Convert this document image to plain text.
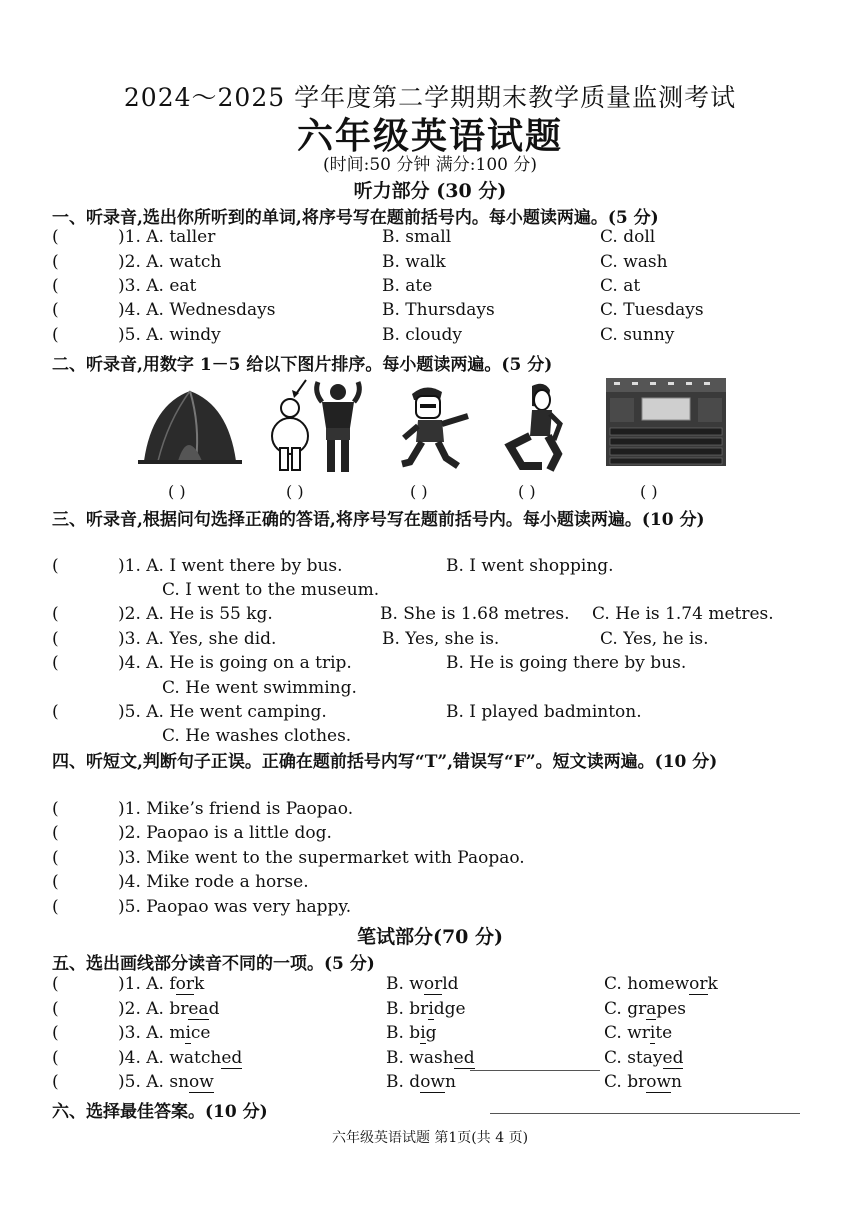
2024～2025 学年度第二学期期末教学质量监测考试
六年级英语试题
(时间:50 分钟 满分:100 分)
听力部分 (30 分)
一、听录音,选出你所听到的单词,将序号写在题前括号内。每小题读两遍。(5 分)
(	)1. A. taller	B. small	C. doll
(	)2. A. watch	B. walk	C. wash
(	)3. A. eat	B. ate	C. at
(	)4. A. Wednesdays	B. Thursdays	C. Tuesdays
(	)5. A. windy	B. cloudy	C. sunny
二、听录音,用数字 1－5 给以下图片排序。每小题读两遍。(5 分)
( )	( )	( )	( )	( )
三、听录音,根据问句选择正确的答语,将序号写在题前括号内。每小题读两遍。(10 分)
(	)1. A. I went there by bus.	B. I went shopping.
C. I went to the museum.
(	)2. A. He is 55 kg.	B. She is 1.68 metres. C. He is 1.74 metres.
(	)3. A. Yes, she did.	B. Yes, she is.	C. Yes, he is.
(	)4. A. He is going on a trip.	B. He is going there by bus.
C. He went swimming.
(	)5. A. He went camping.	B. I played badminton.
C. He washes clothes.
四、听短文,判断句子正误。正确在题前括号内写“T”,错误写“F”。短文读两遍。(10 分)
(	)1. Mike’s friend is Paopao.
(	)2. Paopao is a little dog.
(	)3. Mike went to the supermarket with Paopao.
(	)4. Mike rode a horse.
(	)5. Paopao was very happy.
笔试部分(70 分)
五、选出画线部分读音不同的一项。(5 分)
(	)1. A. fork	B. world	C. homework
(	)2. A. bread	B. bridge	C. grapes
(	)3. A. mice	B. big	C. write
(	)4. A. watched	B. washed	C. stayed
(	)5. A. snow	B. down	C. brown
六、选择最佳答案。(10 分)
六年级英语试题 第1页(共 4 页)
